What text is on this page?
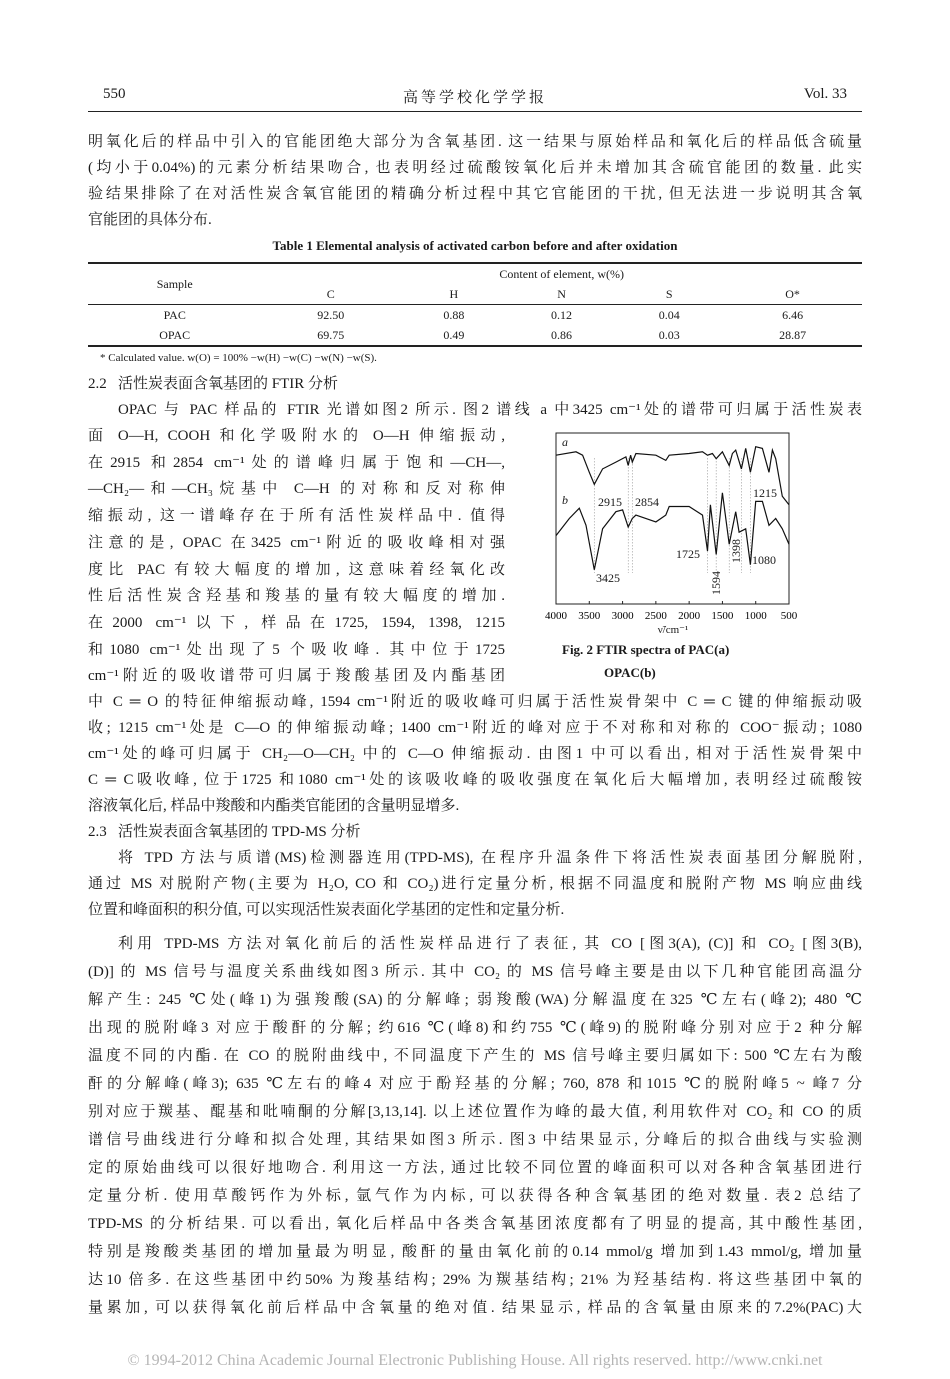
550	高等学校化学学报	Vol. 33
明氧化后的样品中引入的官能团绝大部分为含氧基团. 这一结果与原始样品和氧化后的样品低含硫量
(均小于0.04%)的元素分析结果吻合, 也表明经过硫酸铵氧化后并未增加其含硫官能团的数量. 此实
验结果排除了在对活性炭含氧官能团的精确分析过程中其它官能团的干扰, 但无法进一步说明其含氧
官能团的具体分布.
Table 1 Elemental analysis of activated carbon before and after oxidation
Sample	Content of element, w(%)				
	C	H	N	S	O*
PAC	92.50	0.88	0.12	0.04	6.46
OPAC	69.75	0.49	0.86	0.03	28.87
* Calculated value. w(O) = 100% −w(H) −w(C) −w(N) −w(S).
2.2 活性炭表面含氧基团的 FTIR 分析
OPAC 与 PAC 样品的 FTIR 光谱如图2 所示. 图2 谱线 a 中3425 cm⁻¹处的谱带可归属于活性炭表
面 O—H, COOH 和化学吸附水的 O—H 伸缩振动,
在2915 和2854 cm⁻¹处的谱峰归属于饱和—CH—,
—CH₂—和—CH₃烷基中 C—H 的对称和反对称伸
缩振动, 这一谱峰存在于所有活性炭样品中. 值得
注意的是, OPAC 在3425 cm⁻¹附近的吸收峰相对强
度比 PAC 有较大幅度的增加, 这意味着经氧化改
性后活性炭含羟基和羧基的量有较大幅度的增加.
在2000 cm⁻¹以下, 样品在1725, 1594, 1398, 1215
和1080 cm⁻¹处出现了5 个吸收峰. 其中位于1725
cm⁻¹附近的吸收谱带可归属于羧酸基团及内酯基团
中 C ═ O 的特征伸缩振动峰, 1594 cm⁻¹附近的吸收峰可归属于活性炭骨架中 C ═ C 键的伸缩振动吸
收; 1215 cm⁻¹处是 C—O 的伸缩振动峰; 1400 cm⁻¹附近的峰对应于不对称和对称的 COO⁻振动; 1080
cm⁻¹处的峰可归属于 CH₂—O—CH₂ 中的 C—O 伸缩振动. 由图1 中可以看出, 相对于活性炭骨架中
C ═ C吸收峰, 位于1725 和1080 cm⁻¹处的该吸收峰的吸收强度在氧化后大幅增加, 表明经过硫酸铵
溶液氧化后, 样品中羧酸和内酯类官能团的含量明显增多.
4000 3500 3000 2500 2000 1500 1000 500
a
b
3425
2915 2854
1725
1594
1398
1215
1080
ν̃/cm⁻¹
Fig. 2 FTIR spectra of PAC(a)
OPAC(b)
2.3 活性炭表面含氧基团的 TPD-MS 分析
将 TPD 方法与质谱(MS)检测器连用(TPD-MS), 在程序升温条件下将活性炭表面基团分解脱附,
通过 MS 对脱附产物(主要为 H₂O, CO 和 CO₂)进行定量分析, 根据不同温度和脱附产物 MS 响应曲线
位置和峰面积的积分值, 可以实现活性炭表面化学基团的定性和定量分析.
利用 TPD-MS 方法对氧化前后的活性炭样品进行了表征, 其 CO [图3(A), (C)] 和 CO₂ [图3(B),
(D)] 的 MS 信号与温度关系曲线如图3 所示. 其中 CO₂ 的 MS 信号峰主要是由以下几种官能团高温分
解产生: 245 ℃处(峰1)为强羧酸(SA)的分解峰; 弱羧酸(WA)分解温度在325 ℃左右(峰2); 480 ℃
出现的脱附峰3 对应于酸酐的分解; 约616 ℃(峰8)和约755 ℃(峰9)的脱附峰分别对应于2 种分解
温度不同的内酯. 在 CO 的脱附曲线中, 不同温度下产生的 MS 信号峰主要归属如下: 500 ℃左右为酸
酐的分解峰(峰3); 635 ℃左右的峰4 对应于酚羟基的分解; 760, 878 和1015 ℃的脱附峰5 ~ 峰7 分
别对应于羰基、醌基和吡喃酮的分解[3,13,14]. 以上述位置作为峰的最大值, 利用软件对 CO₂ 和 CO 的质
谱信号曲线进行分峰和拟合处理, 其结果如图3 所示. 图3 中结果显示, 分峰后的拟合曲线与实验测
定的原始曲线可以很好地吻合. 利用这一方法, 通过比较不同位置的峰面积可以对各种含氧基团进行
定量分析. 使用草酸钙作为外标, 氩气作为内标, 可以获得各种含氧基团的绝对数量. 表2 总结了
TPD-MS 的分析结果. 可以看出, 氧化后样品中各类含氧基团浓度都有了明显的提高, 其中酸性基团,
特别是羧酸类基团的增加量最为明显, 酸酐的量由氧化前的0.14 mmol/g 增加到1.43 mmol/g, 增加量
达10 倍多. 在这些基团中约50% 为羧基结构; 29% 为羰基结构; 21% 为羟基结构. 将这些基团中氧的
量累加, 可以获得氧化前后样品中含氧量的绝对值. 结果显示, 样品的含氧量由原来的7.2%(PAC)大
© 1994-2012 China Academic Journal Electronic Publishing House. All rights reserved. http://www.cnki.net
